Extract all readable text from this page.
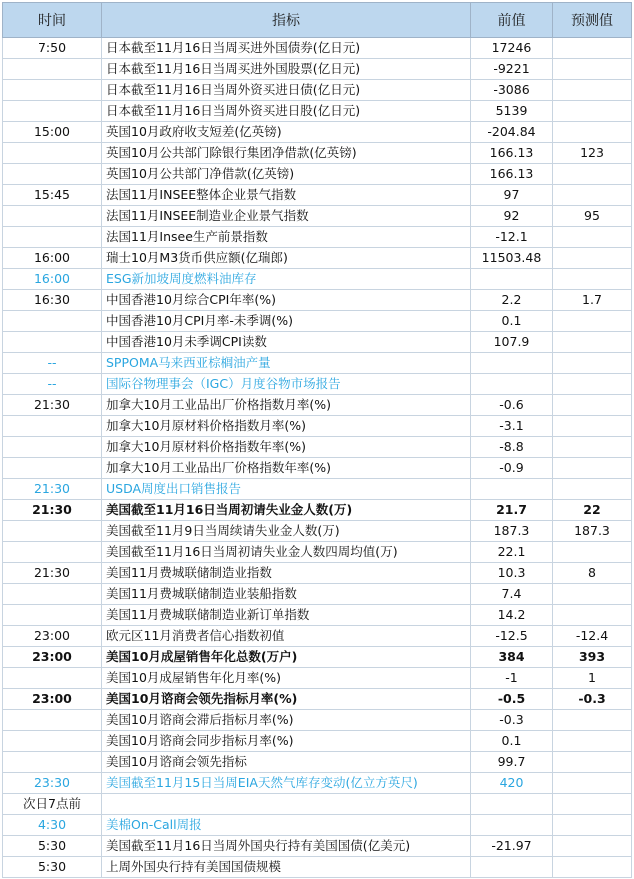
时间	指标	前值	预测值
7:50	日本截至11月16日当周买进外国债券(亿日元)	17246	
	日本截至11月16日当周买进外国股票(亿日元)	-9221	
	日本截至11月16日当周外资买进日债(亿日元)	-3086	
	日本截至11月16日当周外资买进日股(亿日元)	5139	
15:00	英国10月政府收支短差(亿英镑)	-204.84	
	英国10月公共部门除银行集团净借款(亿英镑)	166.13	123
	英国10月公共部门净借款(亿英镑)	166.13	
15:45	法国11月INSEE整体企业景气指数	97	
	法国11月INSEE制造业企业景气指数	92	95
	法国11月Insee生产前景指数	-12.1	
16:00	瑞士10月M3货币供应额(亿瑞郎)	11503.48	
16:00	ESG新加坡周度燃料油库存		
16:30	中国香港10月综合CPI年率(%)	2.2	1.7
	中国香港10月CPI月率-未季调(%)	0.1	
	中国香港10月未季调CPI读数	107.9	
--	SPPOMA马来西亚棕榈油产量		
--	国际谷物理事会（IGC）月度谷物市场报告		
21:30	加拿大10月工业品出厂价格指数月率(%)	-0.6	
	加拿大10月原材料价格指数月率(%)	-3.1	
	加拿大10月原材料价格指数年率(%)	-8.8	
	加拿大10月工业品出厂价格指数年率(%)	-0.9	
21:30	USDA周度出口销售报告		
21:30	美国截至11月16日当周初请失业金人数(万)	21.7	22
	美国截至11月9日当周续请失业金人数(万)	187.3	187.3
	美国截至11月16日当周初请失业金人数四周均值(万)	22.1	
21:30	美国11月费城联储制造业指数	10.3	8
	美国11月费城联储制造业装船指数	7.4	
	美国11月费城联储制造业新订单指数	14.2	
23:00	欧元区11月消费者信心指数初值	-12.5	-12.4
23:00	美国10月成屋销售年化总数(万户)	384	393
	美国10月成屋销售年化月率(%)	-1	1
23:00	美国10月谘商会领先指标月率(%)	-0.5	-0.3
	美国10月谘商会滞后指标月率(%)	-0.3	
	美国10月谘商会同步指标月率(%)	0.1	
	美国10月谘商会领先指标	99.7	
23:30	美国截至11月15日当周EIA天然气库存变动(亿立方英尺)	420	
次日7点前			
4:30	美棉On-Call周报		
5:30	美国截至11月16日当周外国央行持有美国国债(亿美元)	-21.97	
5:30	上周外国央行持有美国国债规模		
